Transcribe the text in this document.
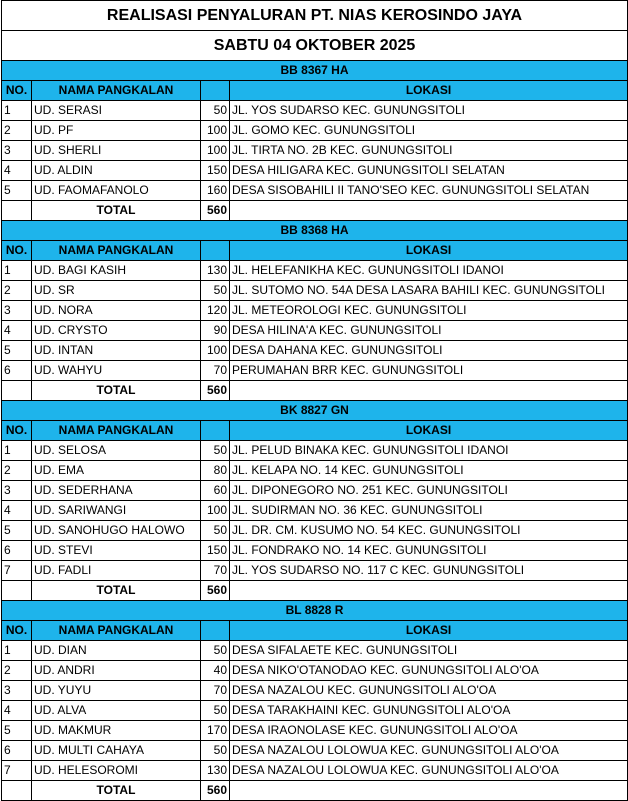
REALISASI PENYALURAN PT. NIAS KEROSINDO JAYA			
SABTU 04 OKTOBER 2025			
BB 8367 HA			
NO.	NAMA PANGKALAN		LOKASI
1	UD. SERASI	50	JL. YOS SUDARSO KEC. GUNUNGSITOLI
2	UD. PF	100	JL. GOMO KEC. GUNUNGSITOLI
3	UD. SHERLI	100	JL. TIRTA NO. 2B KEC. GUNUNGSITOLI
4	UD. ALDIN	150	DESA HILIGARA KEC. GUNUNGSITOLI SELATAN
5	UD. FAOMAFANOLO	160	DESA SISOBAHILI II TANO'SEO KEC. GUNUNGSITOLI SELATAN
	TOTAL	560	
BB 8368 HA			
NO.	NAMA PANGKALAN		LOKASI
1	UD. BAGI KASIH	130	JL. HELEFANIKHA KEC. GUNUNGSITOLI IDANOI
2	UD. SR	50	JL. SUTOMO NO. 54A DESA LASARA BAHILI KEC. GUNUNGSITOLI
3	UD. NORA	120	JL. METEOROLOGI KEC. GUNUNGSITOLI
4	UD. CRYSTO	90	DESA HILINA'A KEC. GUNUNGSITOLI
5	UD. INTAN	100	DESA DAHANA KEC. GUNUNGSITOLI
6	UD. WAHYU	70	PERUMAHAN BRR KEC. GUNUNGSITOLI
	TOTAL	560	
BK 8827 GN			
NO.	NAMA PANGKALAN		LOKASI
1	UD. SELOSA	50	JL. PELUD BINAKA KEC. GUNUNGSITOLI IDANOI
2	UD. EMA	80	JL. KELAPA NO. 14 KEC. GUNUNGSITOLI
3	UD. SEDERHANA	60	JL. DIPONEGORO NO. 251 KEC. GUNUNGSITOLI
4	UD. SARIWANGI	100	JL. SUDIRMAN NO. 36 KEC. GUNUNGSITOLI
5	UD. SANOHUGO HALOWO	50	JL. DR. CM. KUSUMO NO. 54 KEC. GUNUNGSITOLI
6	UD. STEVI	150	JL. FONDRAKO NO. 14 KEC. GUNUNGSITOLI
7	UD. FADLI	70	JL. YOS SUDARSO NO. 117 C KEC. GUNUNGSITOLI
	TOTAL	560	
BL 8828 R			
NO.	NAMA PANGKALAN		LOKASI
1	UD. DIAN	50	DESA SIFALAETE KEC. GUNUNGSITOLI
2	UD. ANDRI	40	DESA NIKO'OTANODAO KEC. GUNUNGSITOLI ALO'OA
3	UD. YUYU	70	DESA NAZALOU KEC. GUNUNGSITOLI ALO'OA
4	UD. ALVA	50	DESA TARAKHAINI KEC. GUNUNGSITOLI ALO'OA
5	UD. MAKMUR	170	DESA IRAONOLASE KEC. GUNUNGSITOLI ALO'OA
6	UD. MULTI CAHAYA	50	DESA NAZALOU LOLOWUA KEC. GUNUNGSITOLI ALO'OA
7	UD. HELESOROMI	130	DESA NAZALOU LOLOWUA KEC. GUNUNGSITOLI ALO'OA
	TOTAL	560	
